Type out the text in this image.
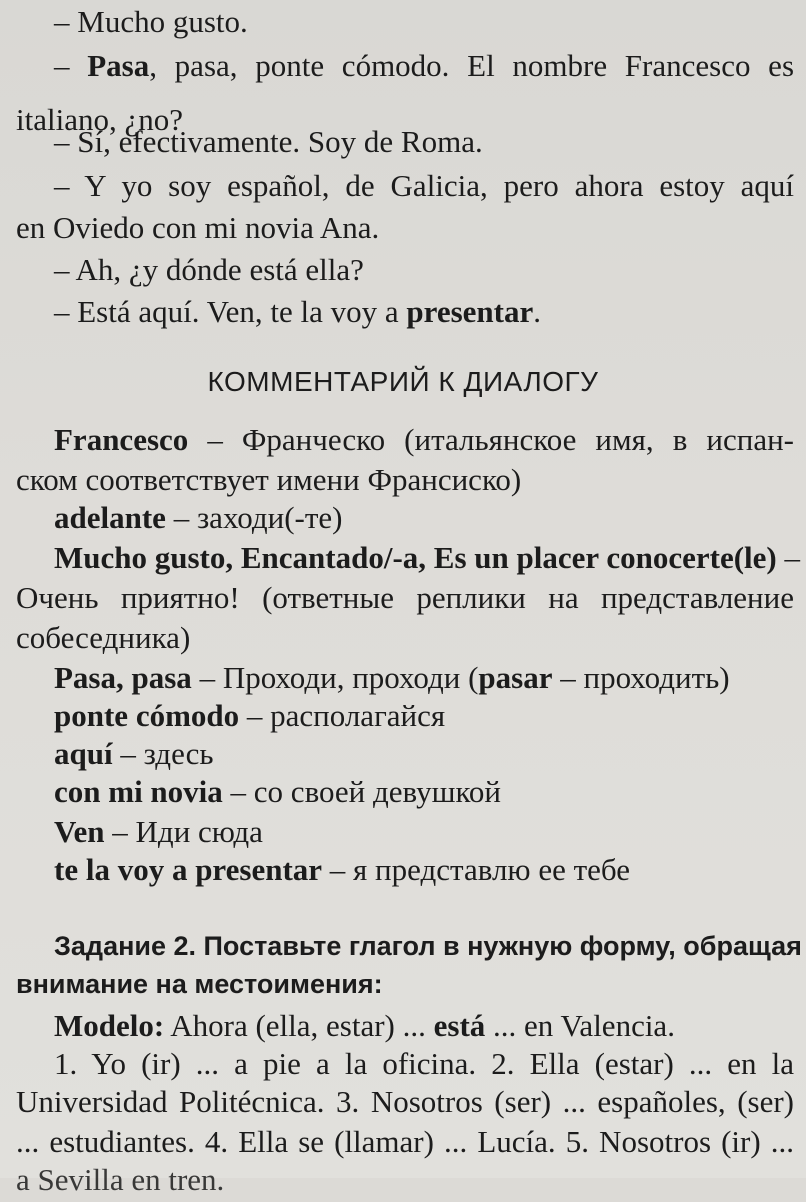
– Mucho gusto.
– Pasa, pasa, ponte cómodo. El nombre Francesco es
italiano, ¿no?
– Sí, efectivamente. Soy de Roma.
– Y yo soy español, de Galicia, pero ahora estoy aquí
en Oviedo con mi novia Ana.
– Ah, ¿y dónde está ella?
– Está aquí. Ven, te la voy a presentar.
КОММЕНТАРИЙ К ДИАЛОГУ
Francesco – Франческо (итальянское имя, в испан-
ском соответствует имени Франсиско)
adelante – заходи(-те)
Mucho gusto, Encantado/-a, Es un placer conocerte(le) –
Очень приятно! (ответные реплики на представление
собеседника)
Pasa, pasa – Проходи, проходи (pasar – проходить)
ponte cómodo – располагайся
aquí – здесь
con mi novia – со своей девушкой
Ven – Иди сюда
te la voy a presentar – я представлю ее тебе
Задание 2. Поставьте глагол в нужную форму, обращая
внимание на местоимения:
Modelo: Ahora (ella, estar) ... está ... en Valencia.
1. Yo (ir) ... a pie a la oficina. 2. Ella (estar) ... en la
Universidad Politécnica. 3. Nosotros (ser) ... españoles, (ser)
... estudiantes. 4. Ella se (llamar) ... Lucía. 5. Nosotros (ir) ...
a Sevilla en tren.
